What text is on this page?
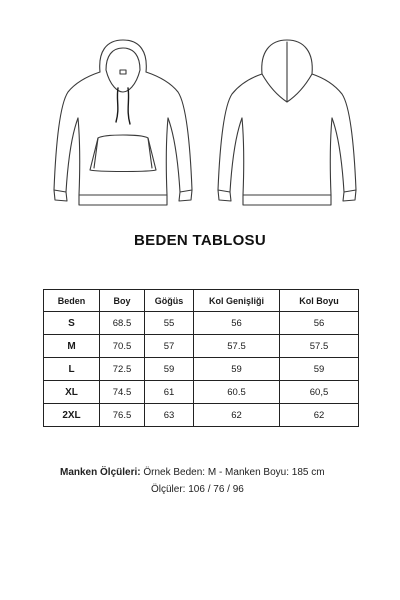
BEDEN TABLOSU
Beden	Boy	Göğüs	Kol Genişliği	Kol Boyu
S	68.5	55	56	56
M	70.5	57	57.5	57.5
L	72.5	59	59	59
XL	74.5	61	60.5	60,5
2XL	76.5	63	62	62
Manken Ölçüleri: Örnek Beden: M - Manken Boyu: 185 cm
Ölçüler: 106 / 76 / 96
